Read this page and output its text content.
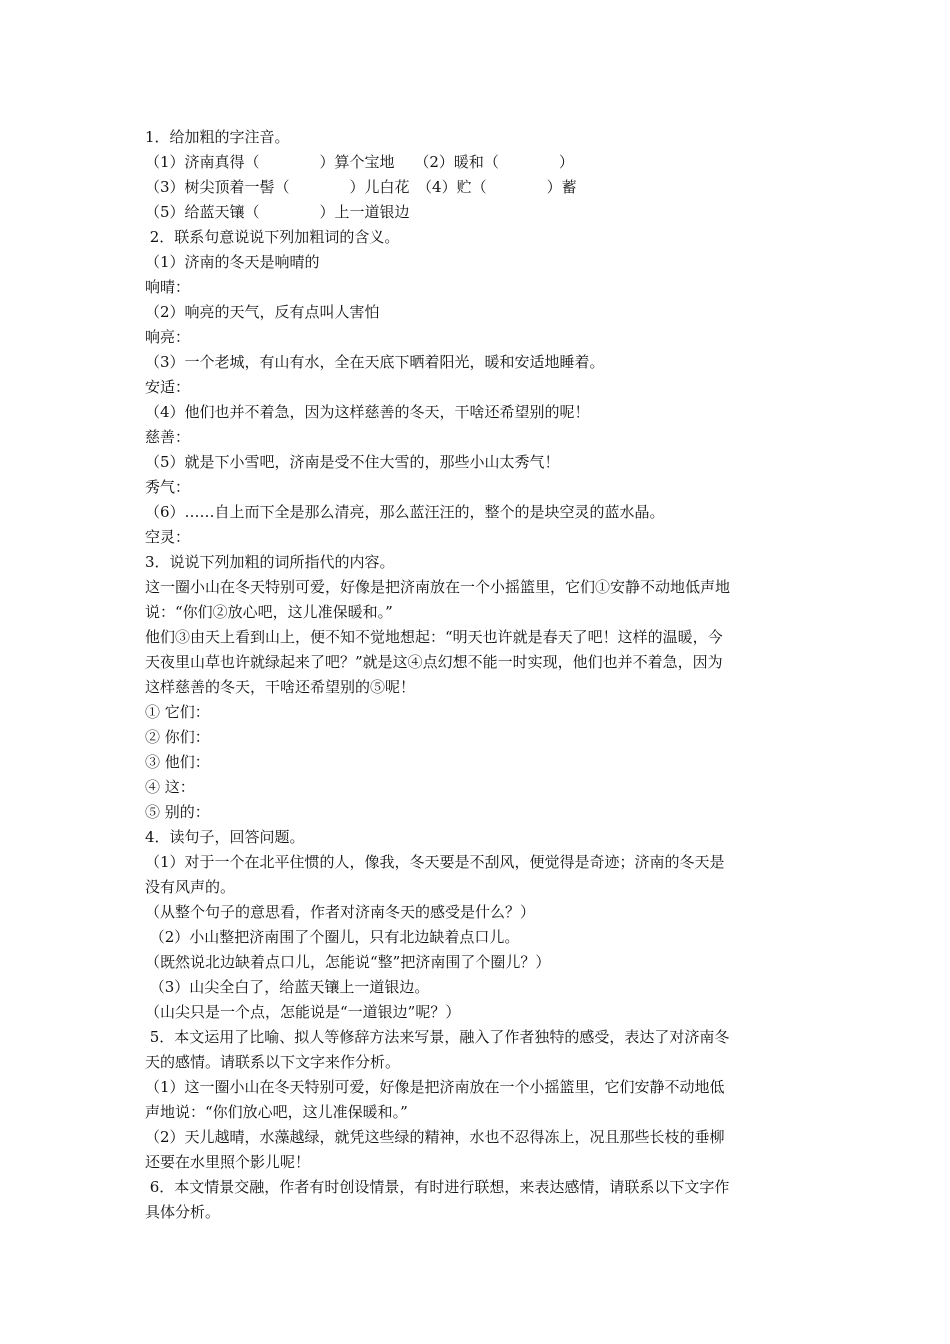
1．给加粗的字注音。
（1）济南真得（　　　　）算个宝地　 （2）暖和（　　　　）
（3）树尖顶着一髻（　　　　）儿白花　（4）贮（　　　　）蓄
（5）给蓝天镶（　　　　）上一道银边
2．联系句意说说下列加粗词的含义。
（1）济南的冬天是响晴的
响晴：
（2）响亮的天气，反有点叫人害怕
响亮：
（3）一个老城，有山有水，全在天底下晒着阳光，暖和安适地睡着。
安适：
（4）他们也并不着急，因为这样慈善的冬天，干啥还希望别的呢！
慈善：
（5）就是下小雪吧，济南是受不住大雪的，那些小山太秀气！
秀气：
（6）……自上而下全是那么清亮，那么蓝汪汪的，整个的是块空灵的蓝水晶。
空灵：
3．说说下列加粗的词所指代的内容。
这一圈小山在冬天特别可爱，好像是把济南放在一个小摇篮里，它们①安静不动地低声地
说：“你们②放心吧，这儿准保暖和。”
他们③由天上看到山上，便不知不觉地想起：“明天也许就是春天了吧！这样的温暖，今
天夜里山草也许就绿起来了吧？”就是这④点幻想不能一时实现，他们也并不着急，因为
这样慈善的冬天，干啥还希望别的⑤呢！
① 它们：
② 你们：
③ 他们：
④ 这：
⑤ 别的：
4．读句子，回答问题。
（1）对于一个在北平住惯的人，像我，冬天要是不刮风，便觉得是奇迹；济南的冬天是
没有风声的。
（从整个句子的意思看，作者对济南冬天的感受是什么？）
（2）小山整把济南围了个圈儿，只有北边缺着点口儿。
（既然说北边缺着点口儿，怎能说“整”把济南围了个圈儿？）
（3）山尖全白了，给蓝天镶上一道银边。
（山尖只是一个点，怎能说是“一道银边”呢？）
5．本文运用了比喻、拟人等修辞方法来写景，融入了作者独特的感受，表达了对济南冬
天的感情。请联系以下文字来作分析。
（1）这一圈小山在冬天特别可爱，好像是把济南放在一个小摇篮里，它们安静不动地低
声地说：“你们放心吧，这儿准保暖和。”
（2）天儿越晴，水藻越绿，就凭这些绿的精神，水也不忍得冻上，况且那些长枝的垂柳
还要在水里照个影儿呢！
6．本文情景交融，作者有时创设情景，有时进行联想，来表达感情，请联系以下文字作
具体分析。
